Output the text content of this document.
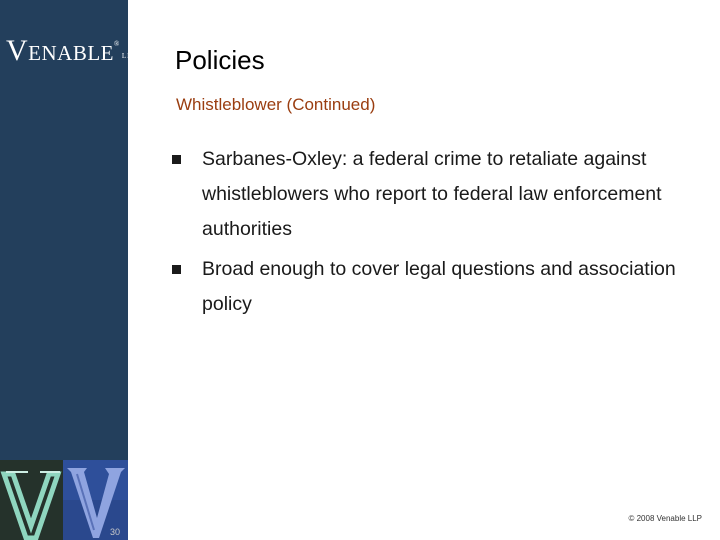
VENABLE®LLP
30
Policies
Whistleblower (Continued)
Sarbanes-Oxley: a federal crime to retaliate against whistleblowers who report to federal law enforcement authorities
Broad enough to cover legal questions and association policy
© 2008 Venable LLP
